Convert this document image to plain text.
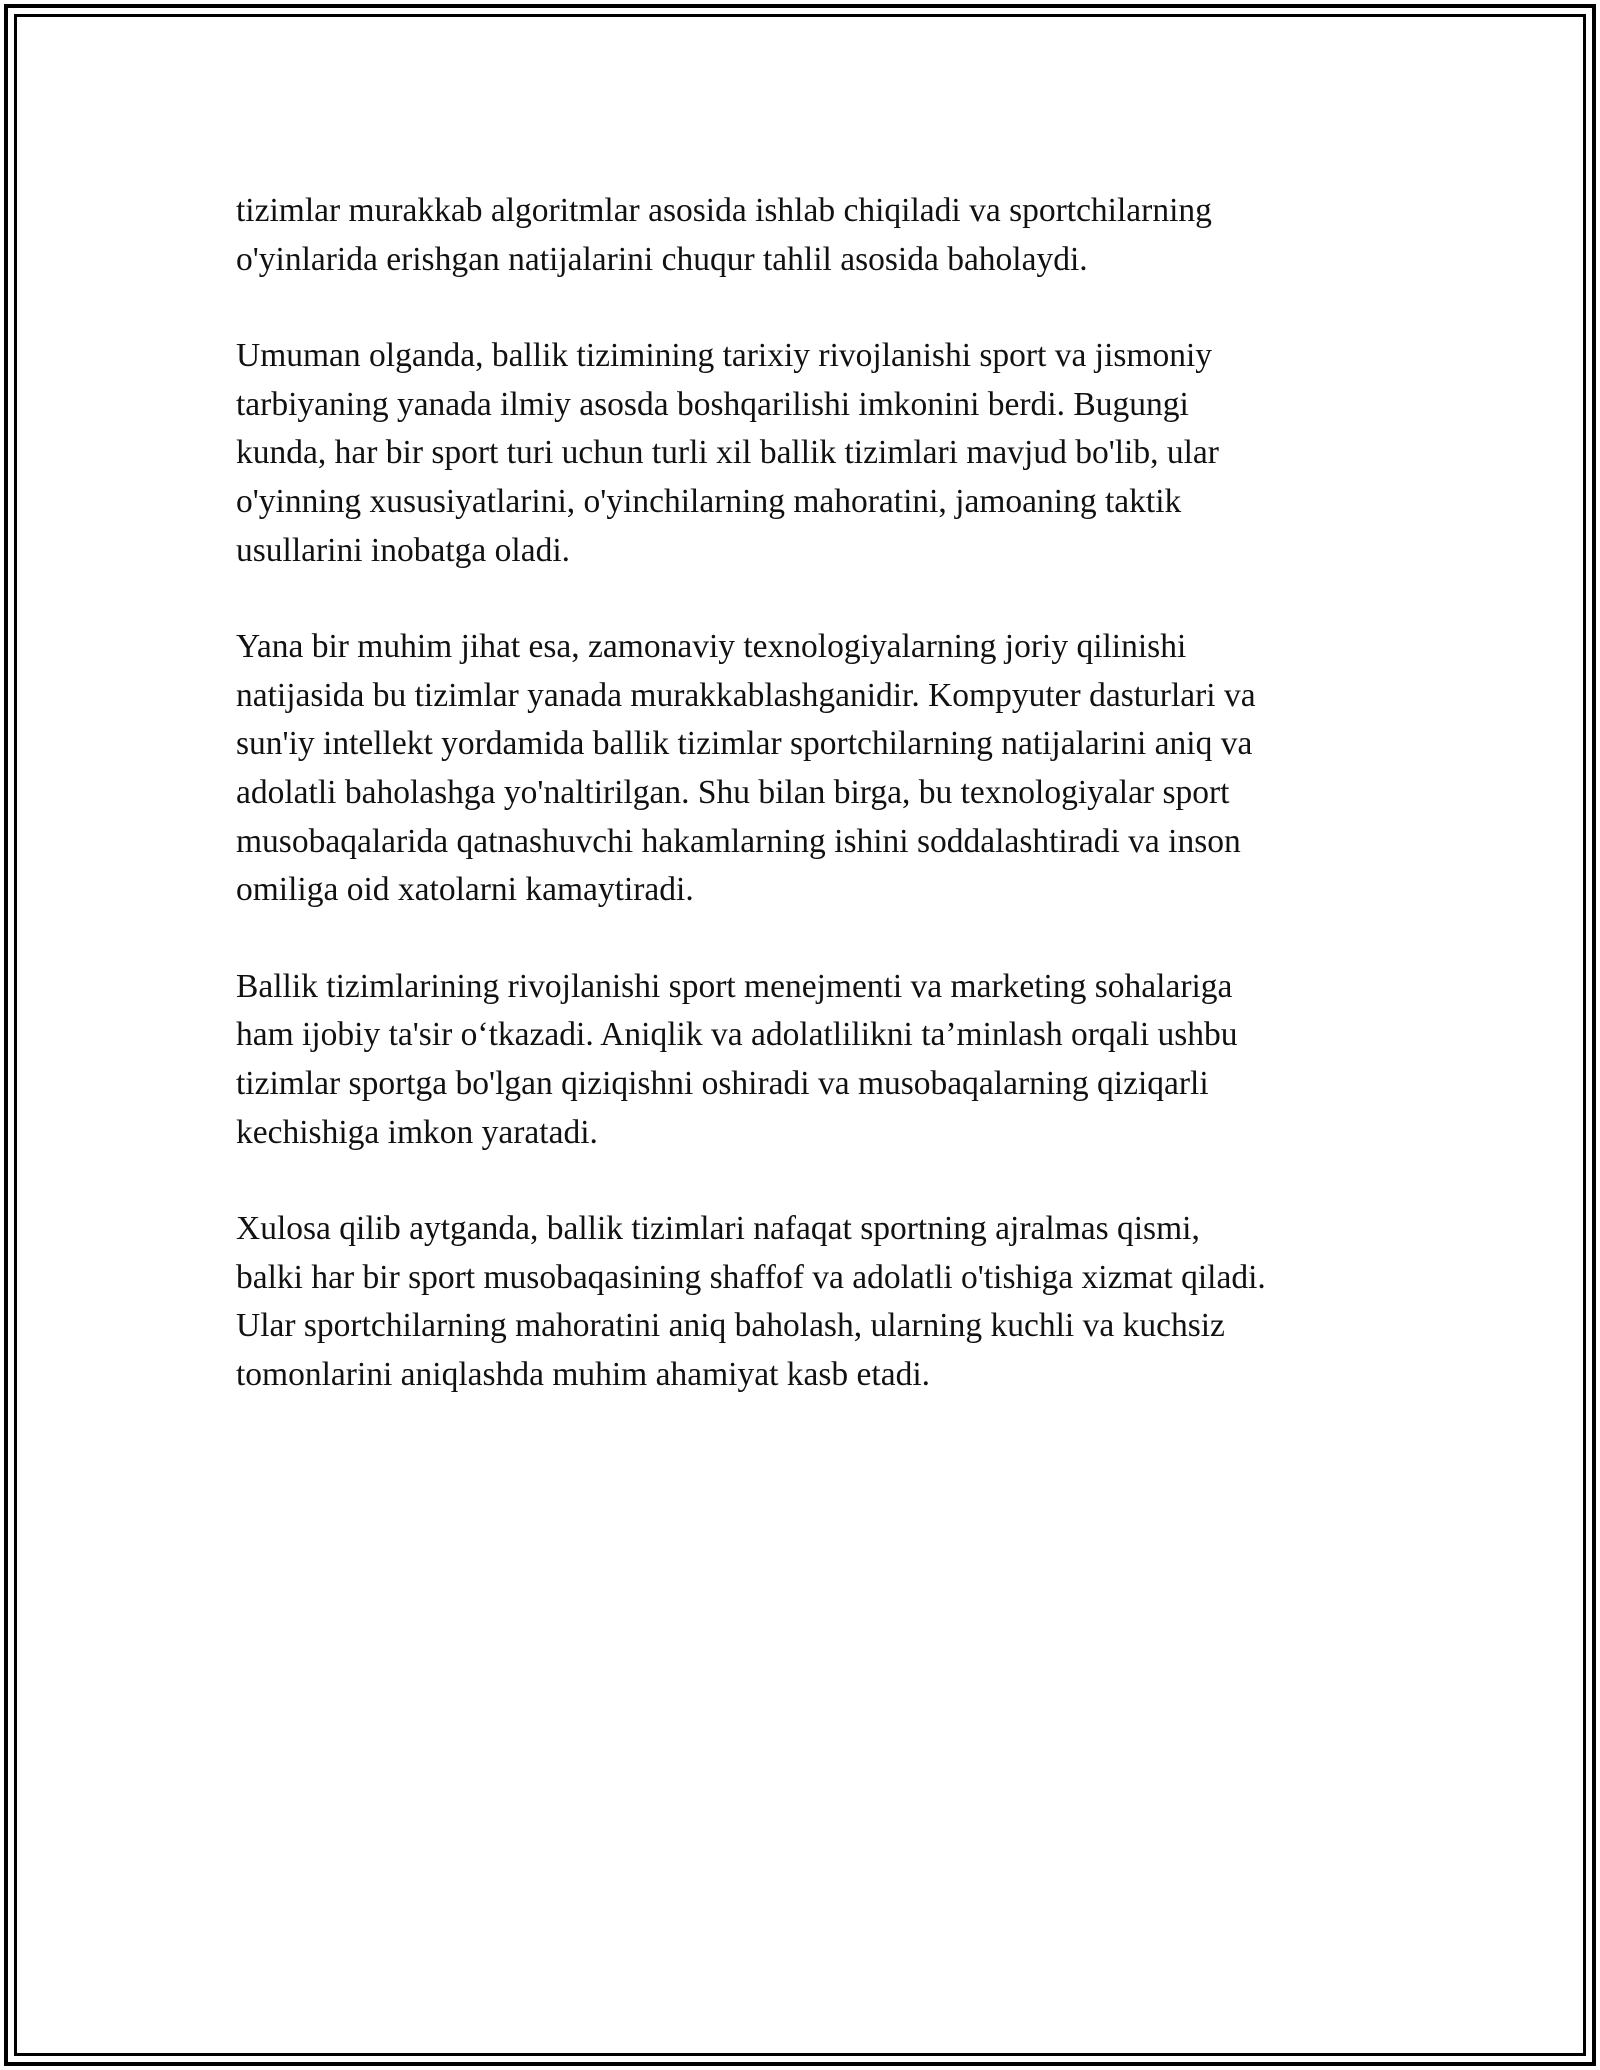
tizimlar murakkab algoritmlar asosida ishlab chiqiladi va sportchilarning
o'yinlarida erishgan natijalarini chuqur tahlil asosida baholaydi.

Umuman olganda, ballik tizimining tarixiy rivojlanishi sport va jismoniy
tarbiyaning yanada ilmiy asosda boshqarilishi imkonini berdi. Bugungi
kunda, har bir sport turi uchun turli xil ballik tizimlari mavjud bo'lib, ular
o'yinning xususiyatlarini, o'yinchilarning mahoratini, jamoaning taktik
usullarini inobatga oladi.

Yana bir muhim jihat esa, zamonaviy texnologiyalarning joriy qilinishi
natijasida bu tizimlar yanada murakkablashganidir. Kompyuter dasturlari va
sun'iy intellekt yordamida ballik tizimlar sportchilarning natijalarini aniq va
adolatli baholashga yo'naltirilgan. Shu bilan birga, bu texnologiyalar sport
musobaqalarida qatnashuvchi hakamlarning ishini soddalashtiradi va inson
omiliga oid xatolarni kamaytiradi.

Ballik tizimlarining rivojlanishi sport menejmenti va marketing sohalariga
ham ijobiy ta'sir o‘tkazadi. Aniqlik va adolatlilikni ta’minlash orqali ushbu
tizimlar sportga bo'lgan qiziqishni oshiradi va musobaqalarning qiziqarli
kechishiga imkon yaratadi.

Xulosa qilib aytganda, ballik tizimlari nafaqat sportning ajralmas qismi,
balki har bir sport musobaqasining shaffof va adolatli o'tishiga xizmat qiladi.
Ular sportchilarning mahoratini aniq baholash, ularning kuchli va kuchsiz
tomonlarini aniqlashda muhim ahamiyat kasb etadi.
